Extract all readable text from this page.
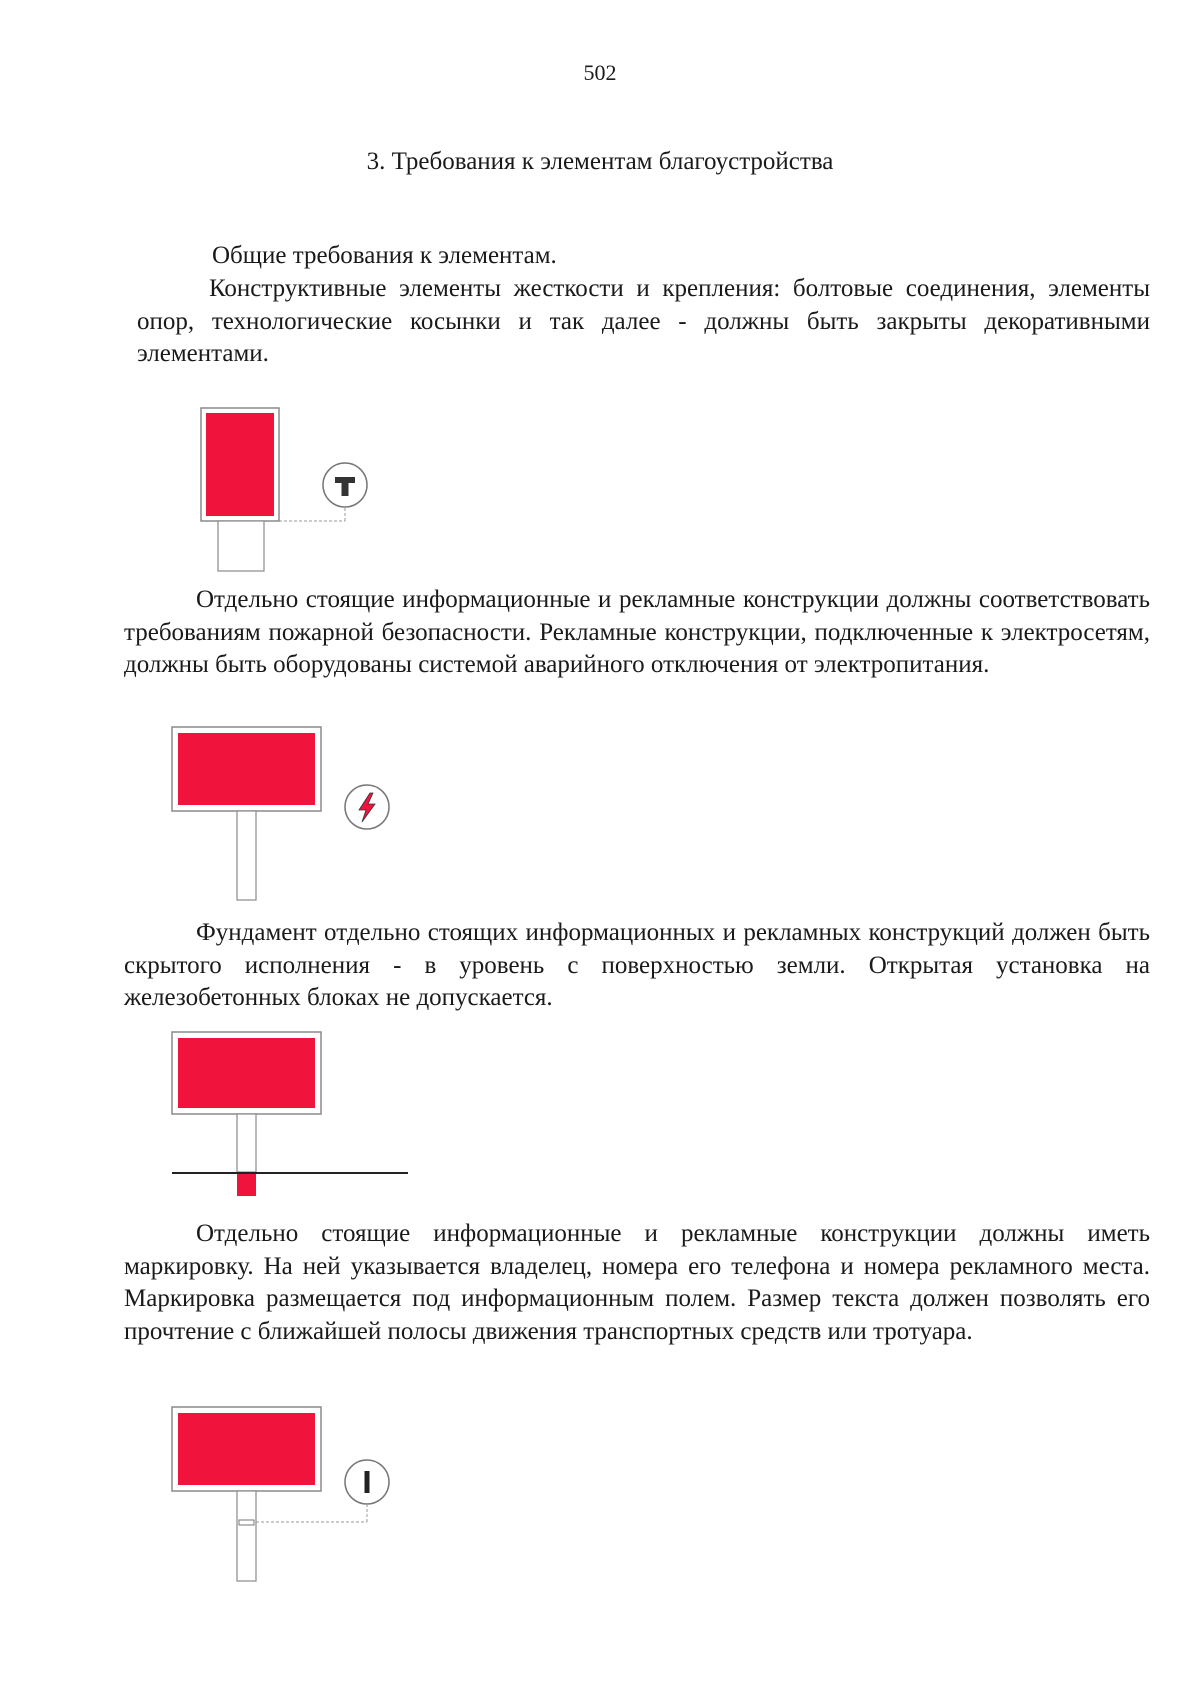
502
3. Требования к элементам благоустройства
Общие требования к элементам.

Конструктивные элементы жесткости и крепления: болтовые соединения, элементы опор, технологические косынки и так далее - должны быть закрыты декоративными элементами.

Отдельно стоящие информационные и рекламные конструкции должны соответствовать требованиям пожарной безопасности. Рекламные конструкции, подключенные к электросетям, должны быть оборудованы системой аварийного отключения от электропитания.

Фундамент отдельно стоящих информационных и рекламных конструкций должен быть скрытого исполнения - в уровень с поверхностью земли. Открытая установка на железобетонных блоках не допускается.

Отдельно стоящие информационные и рекламные конструкции должны иметь маркировку. На ней указывается владелец, номера его телефона и номера рекламного места. Маркировка размещается под информационным полем. Размер текста должен позволять его прочтение с ближайшей полосы движения транспортных средств или тротуара.
